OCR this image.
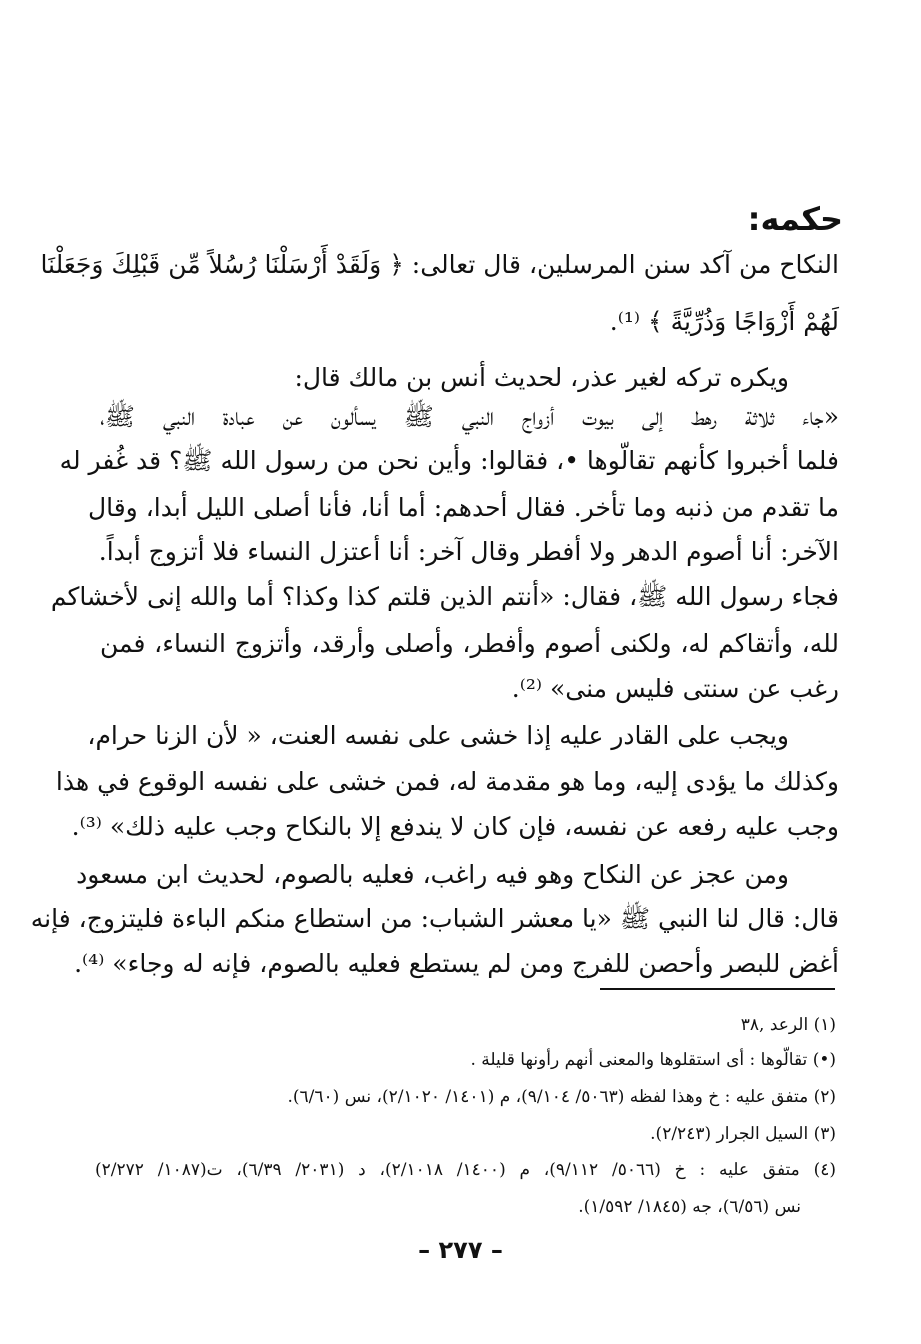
حكمه:

النكاح من آكد سنن المرسلين، قال تعالى: ﴿ وَلَقَدْ أَرْسَلْنَا رُسُلاً مِّن قَبْلِكَ وَجَعَلْنَا

لَهُمْ أَزْوَاجًا وَذُرِّيَّةً ﴾ ⁽¹⁾.

ويكره تركه لغير عذر، لحديث أنس بن مالك قال:

«جاء ثلاثة رهط إلى بيوت أزواج النبي ﷺ يسألون عن عبادة النبي ﷺ،

فلما أخبروا كأنهم تقالّوها •، فقالوا: وأين نحن من رسول الله ﷺ؟ قد غُفر له

ما تقدم من ذنبه وما تأخر. فقال أحدهم: أما أنا، فأنا أصلى الليل أبدا، وقال

الآخر: أنا أصوم الدهر ولا أفطر وقال آخر: أنا أعتزل النساء فلا أتزوج أبداً.

فجاء رسول الله ﷺ، فقال: «أنتم الذين قلتم كذا وكذا؟ أما والله إنى لأخشاكم

لله، وأتقاكم له، ولكنى أصوم وأفطر، وأصلى وأرقد، وأتزوج النساء، فمن

رغب عن سنتى فليس منى» ⁽²⁾.

ويجب على القادر عليه إذا خشى على نفسه العنت، « لأن الزنا حرام،

وكذلك ما يؤدى إليه، وما هو مقدمة له، فمن خشى على نفسه الوقوع في هذا

وجب عليه رفعه عن نفسه، فإن كان لا يندفع إلا بالنكاح وجب عليه ذلك» ⁽³⁾.

ومن عجز عن النكاح وهو فيه راغب، فعليه بالصوم، لحديث ابن مسعود

قال: قال لنا النبي ﷺ «يا معشر الشباب: من استطاع منكم الباءة فليتزوج، فإنه

أغض للبصر وأحصن للفرج ومن لم يستطع فعليه بالصوم، فإنه له وجاء» ⁽⁴⁾.

(١) الرعد ,٣٨

(•) تقالّوها : أى استقلوها والمعنى أنهم رأونها قليلة .

(٢) متفق عليه : خ وهذا لفظه (٥٠٦٣/ ٩/١٠٤)، م (١٤٠١/ ٢/١٠٢٠)، نس (٦/٦٠).

(٣) السيل الجرار (٢/٢٤٣).

(٤) متفق عليه : خ (٥٠٦٦/ ٩/١١٢)، م (١٤٠٠/ ٢/١٠١٨)، د (٢٠٣١/ ٦/٣٩)، ت(١٠٨٧/ ٢/٢٧٢)

نس (٦/٥٦)، جه (١٨٤٥/ ١/٥٩٢).

– ٢٧٧ –
